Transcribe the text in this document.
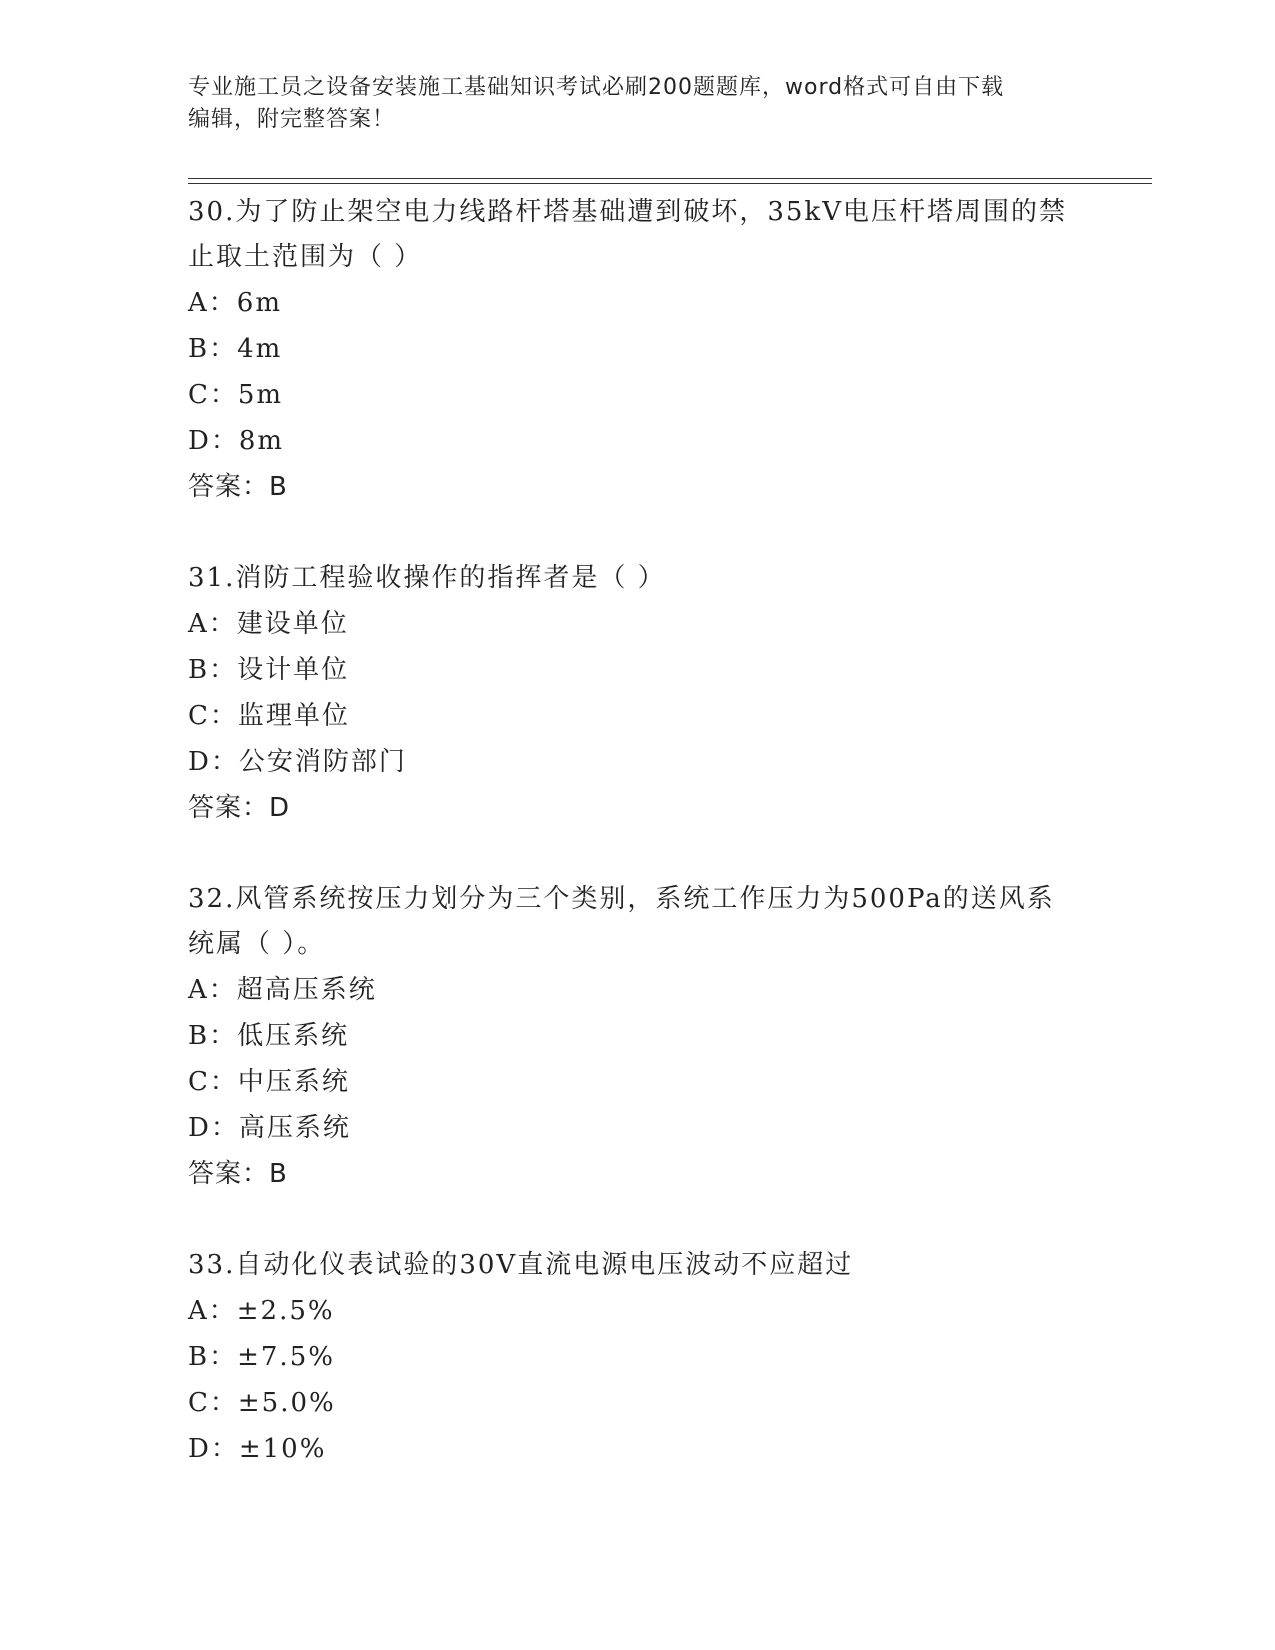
专业施工员之设备安装施工基础知识考试必刷200题题库，word格式可自由下载
编辑，附完整答案！
30.为了防止架空电力线路杆塔基础遭到破坏，35kV电压杆塔周围的禁
止取土范围为（ ）
A：6m
B：4m
C：5m
D：8m
答案：B
31.消防工程验收操作的指挥者是（ ）
A：建设单位
B：设计单位
C：监理单位
D：公安消防部门
答案：D
32.风管系统按压力划分为三个类别，系统工作压力为500Pa的送风系
统属（ ）。
A：超高压系统
B：低压系统
C：中压系统
D：高压系统
答案：B
33.自动化仪表试验的30V直流电源电压波动不应超过
A：±2.5%
B：±7.5%
C：±5.0%
D：±10%
